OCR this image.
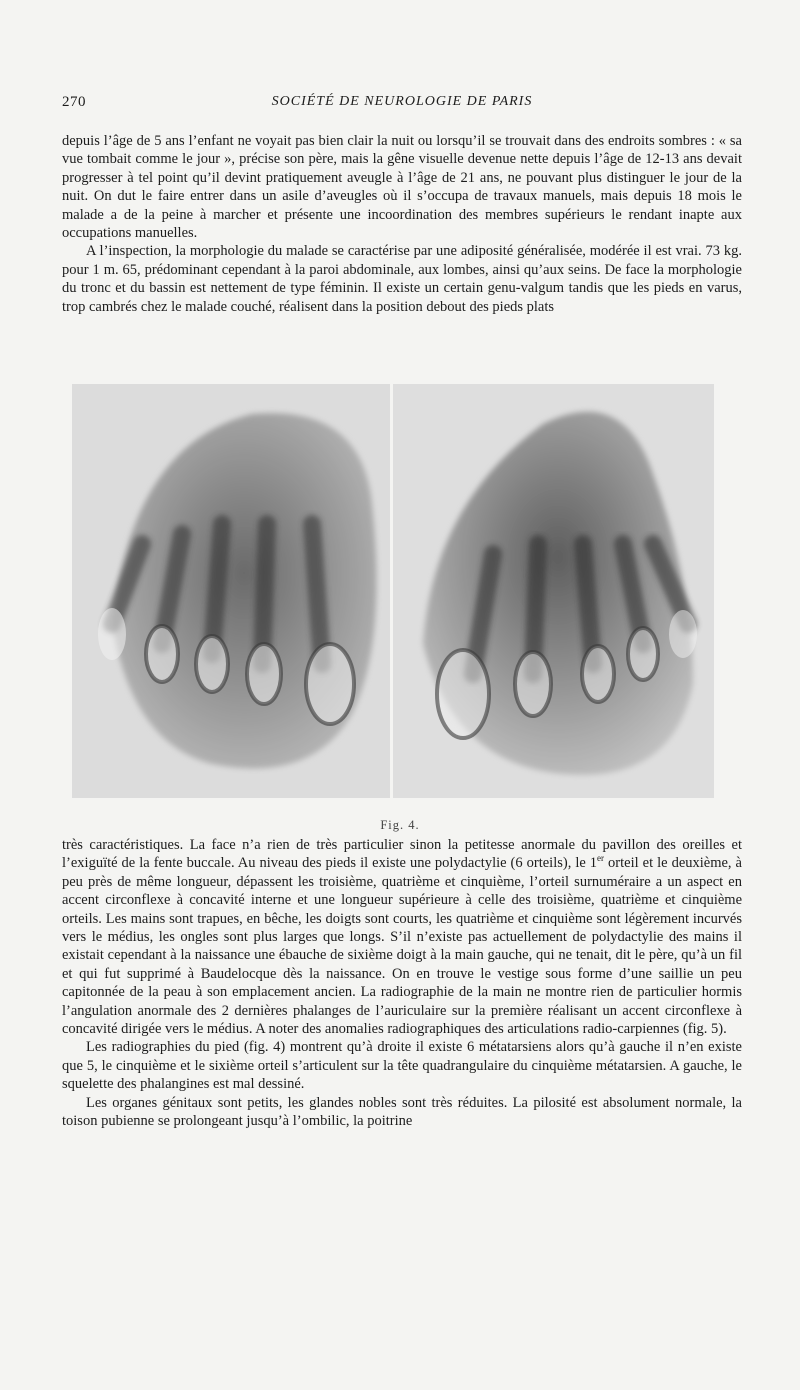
270	SOCIÉTÉ DE NEUROLOGIE DE PARIS

depuis l’âge de 5 ans l’enfant ne voyait pas bien clair la nuit ou lorsqu’il se trouvait dans des endroits sombres : « sa vue tombait comme le jour », précise son père, mais la gêne visuelle devenue nette depuis l’âge de 12-13 ans devait progresser à tel point qu’il devint pratiquement aveugle à l’âge de 21 ans, ne pouvant plus distinguer le jour de la nuit. On dut le faire entrer dans un asile d’aveugles où il s’occupa de travaux manuels, mais depuis 18 mois le malade a de la peine à marcher et présente une incoordination des membres supérieurs le rendant inapte aux occupations manuelles.

A l’inspection, la morphologie du malade se caractérise par une adiposité généralisée, modérée il est vrai. 73 kg. pour 1 m. 65, prédominant cependant à la paroi abdominale, aux lombes, ainsi qu’aux seins. De face la morphologie du tronc et du bassin est nettement de type féminin. Il existe un certain genu-valgum tandis que les pieds en varus, trop cambrés chez le malade couché, réalisent dans la position debout des pieds plats

Fig. 4.

très caractéristiques. La face n’a rien de très particulier sinon la petitesse anormale du pavillon des oreilles et l’exiguïté de la fente buccale. Au niveau des pieds il existe une polydactylie (6 orteils), le 1er orteil et le deuxième, à peu près de même longueur, dépassent les troisième, quatrième et cinquième, l’orteil surnuméraire a un aspect en accent circonflexe à concavité interne et une longueur supérieure à celle des troisième, quatrième et cinquième orteils. Les mains sont trapues, en bêche, les doigts sont courts, les quatrième et cinquième sont légèrement incurvés vers le médius, les ongles sont plus larges que longs. S’il n’existe pas actuellement de polydactylie des mains il existait cependant à la naissance une ébauche de sixième doigt à la main gauche, qui ne tenait, dit le père, qu’à un fil et qui fut supprimé à Baudelocque dès la naissance. On en trouve le vestige sous forme d’une saillie un peu capitonnée de la peau à son emplacement ancien. La radiographie de la main ne montre rien de particulier hormis l’angulation anormale des 2 dernières phalanges de l’auriculaire sur la première réalisant un accent circonflexe à concavité dirigée vers le médius. A noter des anomalies radiographiques des articulations radio-carpiennes (fig. 5).

Les radiographies du pied (fig. 4) montrent qu’à droite il existe 6 métatarsiens alors qu’à gauche il n’en existe que 5, le cinquième et le sixième orteil s’articulent sur la tête quadrangulaire du cinquième métatarsien. A gauche, le squelette des phalangines est mal dessiné.

Les organes génitaux sont petits, les glandes nobles sont très réduites. La pilosité est absolument normale, la toison pubienne se prolongeant jusqu’à l’ombilic, la poitrine
